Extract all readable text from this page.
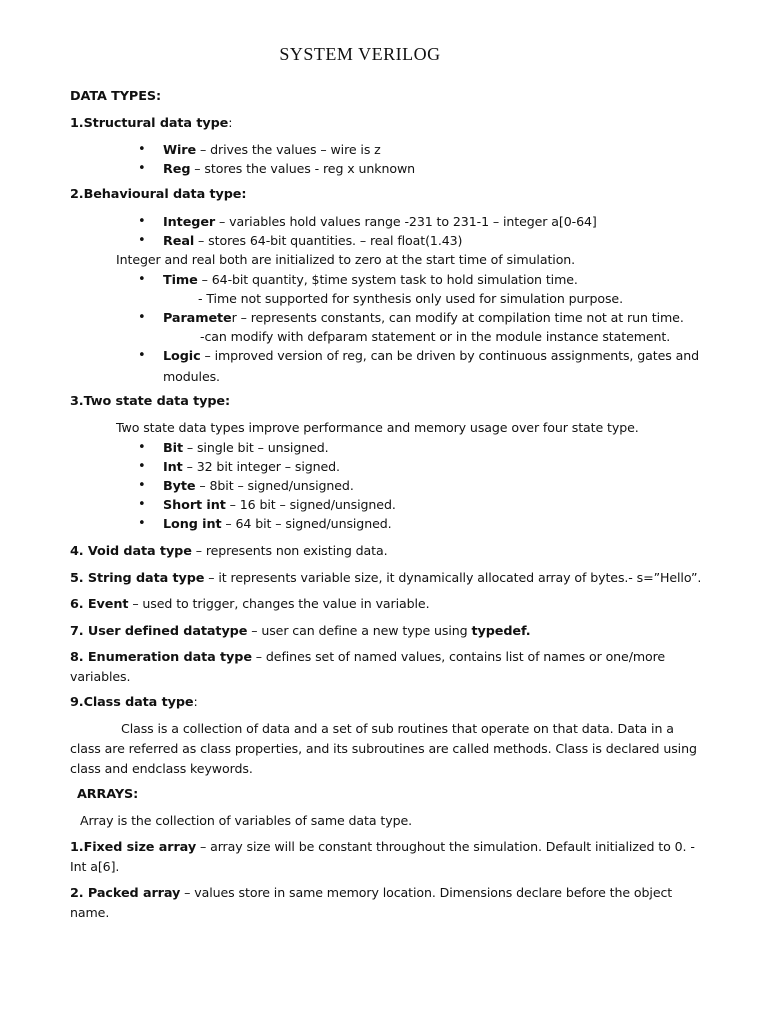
SYSTEM VERILOG
DATA TYPES:
1.Structural data type:
•	Wire – drives the values – wire is z
•	Reg – stores the values - reg x unknown
2.Behavioural data type:
•	Integer – variables hold values range -231 to 231-1 – integer a[0-64]
•	Real – stores 64-bit quantities. – real float(1.43)
Integer and real both are initialized to zero at the start time of simulation.
•	Time – 64-bit quantity, $time system task to hold simulation time.
- Time not supported for synthesis only used for simulation purpose.
•	Parameter – represents constants, can modify at compilation time not at run time.
-can modify with defparam statement or in the module instance statement.
•	Logic – improved version of reg, can be driven by continuous assignments, gates and
modules.
3.Two state data type:
Two state data types improve performance and memory usage over four state type.
•	Bit – single bit – unsigned.
•	Int – 32 bit integer – signed.
•	Byte – 8bit – signed/unsigned.
•	Short int – 16 bit – signed/unsigned.
•	Long int – 64 bit – signed/unsigned.
4. Void data type – represents non existing data.
5. String data type – it represents variable size, it dynamically allocated array of bytes.- s=”Hello”.
6. Event – used to trigger, changes the value in variable.
7. User defined datatype – user can define a new type using typedef.
8. Enumeration data type – defines set of named values, contains list of names or one/more
variables.
9.Class data type:
Class is a collection of data and a set of sub routines that operate on that data. Data in a
class are referred as class properties, and its subroutines are called methods. Class is declared using
class and endclass keywords.
ARRAYS:
Array is the collection of variables of same data type.
1.Fixed size array – array size will be constant throughout the simulation. Default initialized to 0. -
Int a[6].
2. Packed array – values store in same memory location. Dimensions declare before the object
name.
